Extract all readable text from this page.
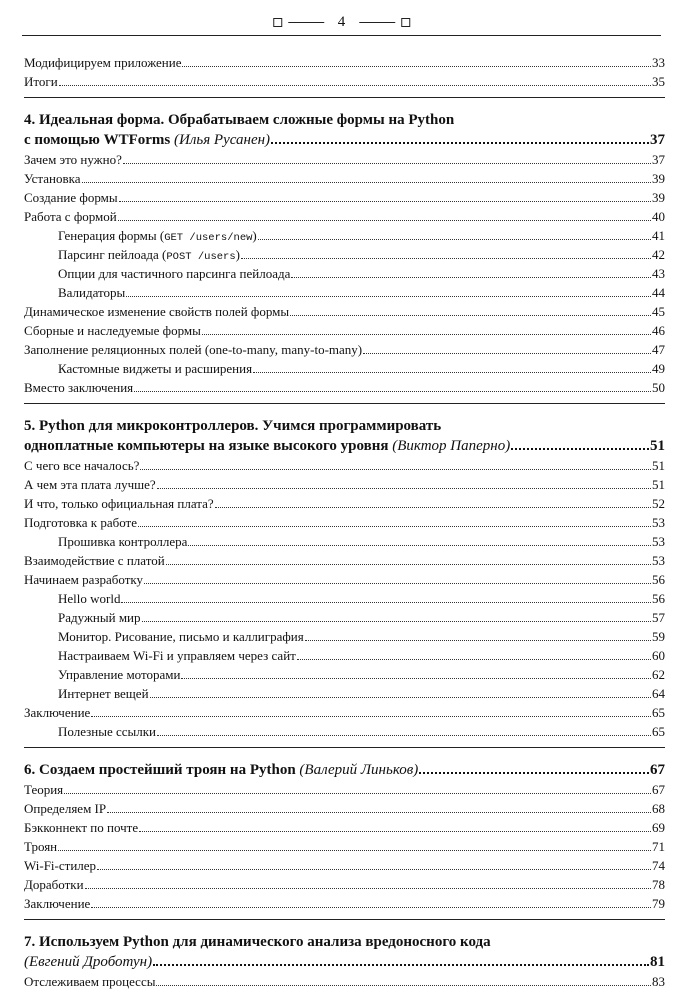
4
Модифицируем приложение	33
Итоги	35
4. Идеальная форма. Обрабатываем сложные формы на Python
с помощью WTForms
(Илья Русанен)	37
Зачем это нужно?	37
Установка	39
Создание формы	39
Работа с формой	40
Генерация формы (GET /users/new)	41
Парсинг пейлоада (POST /users)	42
Опции для частичного парсинга пейлоада	43
Валидаторы	44
Динамическое изменение свойств полей формы	45
Сборные и наследуемые формы	46
Заполнение реляционных полей (one-to-many, many-to-many)	47
Кастомные виджеты и расширения	49
Вместо заключения	50
5. Python для микроконтроллеров. Учимся программировать
одноплатные компьютеры на языке высокого уровня
(Виктор Паперно)	51
С чего все началось?	51
А чем эта плата лучше?	51
И что, только официальная плата?	52
Подготовка к работе	53
Прошивка контроллера	53
Взаимодействие с платой	53
Начинаем разработку	56
Hello world	56
Радужный мир	57
Монитор. Рисование, письмо и каллиграфия	59
Настраиваем Wi-Fi и управляем через сайт	60
Управление моторами	62
Интернет вещей	64
Заключение	65
Полезные ссылки	65
6. Создаем простейший троян на Python
(Валерий Линьков)	67
Теория	67
Определяем IP	68
Бэкконнект по почте	69
Троян	71
Wi-Fi-стилер	74
Доработки	78
Заключение	79
7. Используем Python для динамического анализа вредоносного кода
(Евгений Дроботун)	81
Отслеживаем процессы	83
